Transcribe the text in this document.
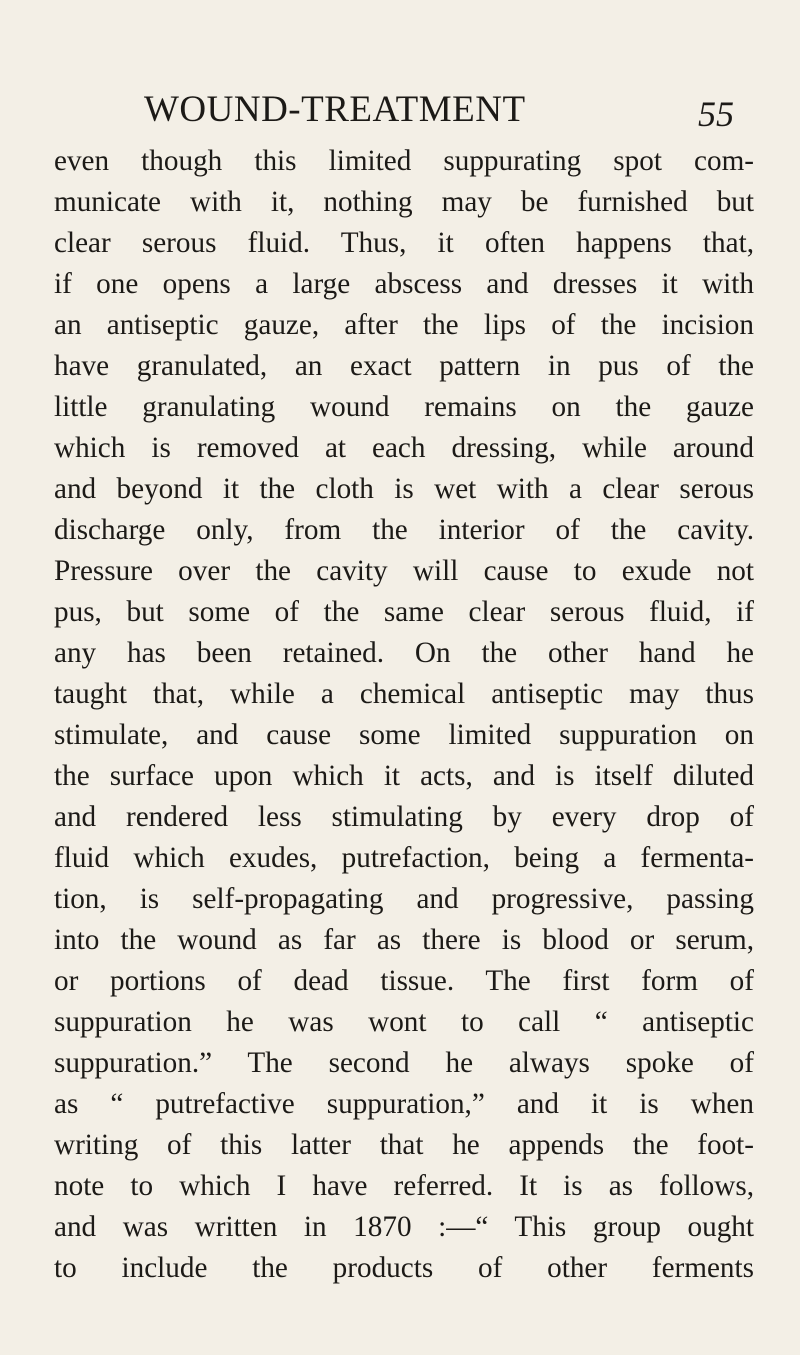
WOUND-TREATMENT	55
even though this limited suppurating spot com-
municate with it, nothing may be furnished but
clear serous fluid. Thus, it often happens that,
if one opens a large abscess and dresses it with
an antiseptic gauze, after the lips of the incision
have granulated, an exact pattern in pus of the
little granulating wound remains on the gauze
which is removed at each dressing, while around
and beyond it the cloth is wet with a clear serous
discharge only, from the interior of the cavity.
Pressure over the cavity will cause to exude not
pus, but some of the same clear serous fluid, if
any has been retained. On the other hand he
taught that, while a chemical antiseptic may thus
stimulate, and cause some limited suppuration on
the surface upon which it acts, and is itself diluted
and rendered less stimulating by every drop of
fluid which exudes, putrefaction, being a fermenta-
tion, is self-propagating and progressive, passing
into the wound as far as there is blood or serum,
or portions of dead tissue. The first form of
suppuration he was wont to call “ antiseptic
suppuration.” The second he always spoke of
as “ putrefactive suppuration,” and it is when
writing of this latter that he appends the foot-
note to which I have referred. It is as follows,
and was written in 1870 :—“ This group ought
to include the products of other ferments
